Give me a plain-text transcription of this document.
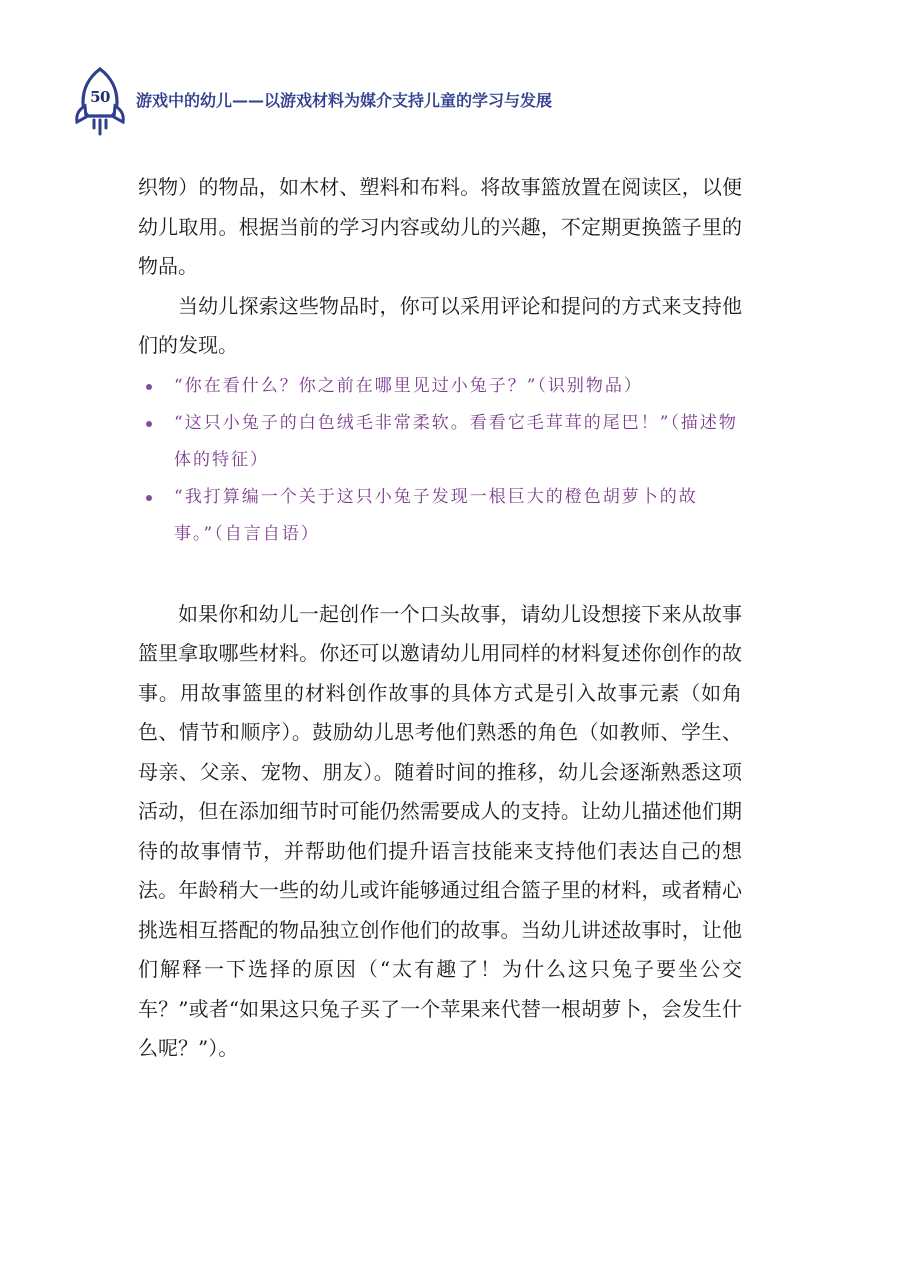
50	游戏中的幼儿——以游戏材料为媒介支持儿童的学习与发展

织物）的物品，如木材、塑料和布料。将故事篮放置在阅读区，以便幼儿取用。根据当前的学习内容或幼儿的兴趣，不定期更换篮子里的物品。

当幼儿探索这些物品时，你可以采用评论和提问的方式来支持他们的发现。

“你在看什么？你之前在哪里见过小兔子？”（识别物品）
“这只小兔子的白色绒毛非常柔软。看看它毛茸茸的尾巴！”（描述物体的特征）
“我打算编一个关于这只小兔子发现一根巨大的橙色胡萝卜的故事。”（自言自语）

如果你和幼儿一起创作一个口头故事，请幼儿设想接下来从故事篮里拿取哪些材料。你还可以邀请幼儿用同样的材料复述你创作的故事。用故事篮里的材料创作故事的具体方式是引入故事元素（如角色、情节和顺序）。鼓励幼儿思考他们熟悉的角色（如教师、学生、母亲、父亲、宠物、朋友）。随着时间的推移，幼儿会逐渐熟悉这项活动，但在添加细节时可能仍然需要成人的支持。让幼儿描述他们期待的故事情节，并帮助他们提升语言技能来支持他们表达自己的想法。年龄稍大一些的幼儿或许能够通过组合篮子里的材料，或者精心挑选相互搭配的物品独立创作他们的故事。当幼儿讲述故事时，让他们解释一下选择的原因（“太有趣了！为什么这只兔子要坐公交车？”或者“如果这只兔子买了一个苹果来代替一根胡萝卜，会发生什么呢？”）。
